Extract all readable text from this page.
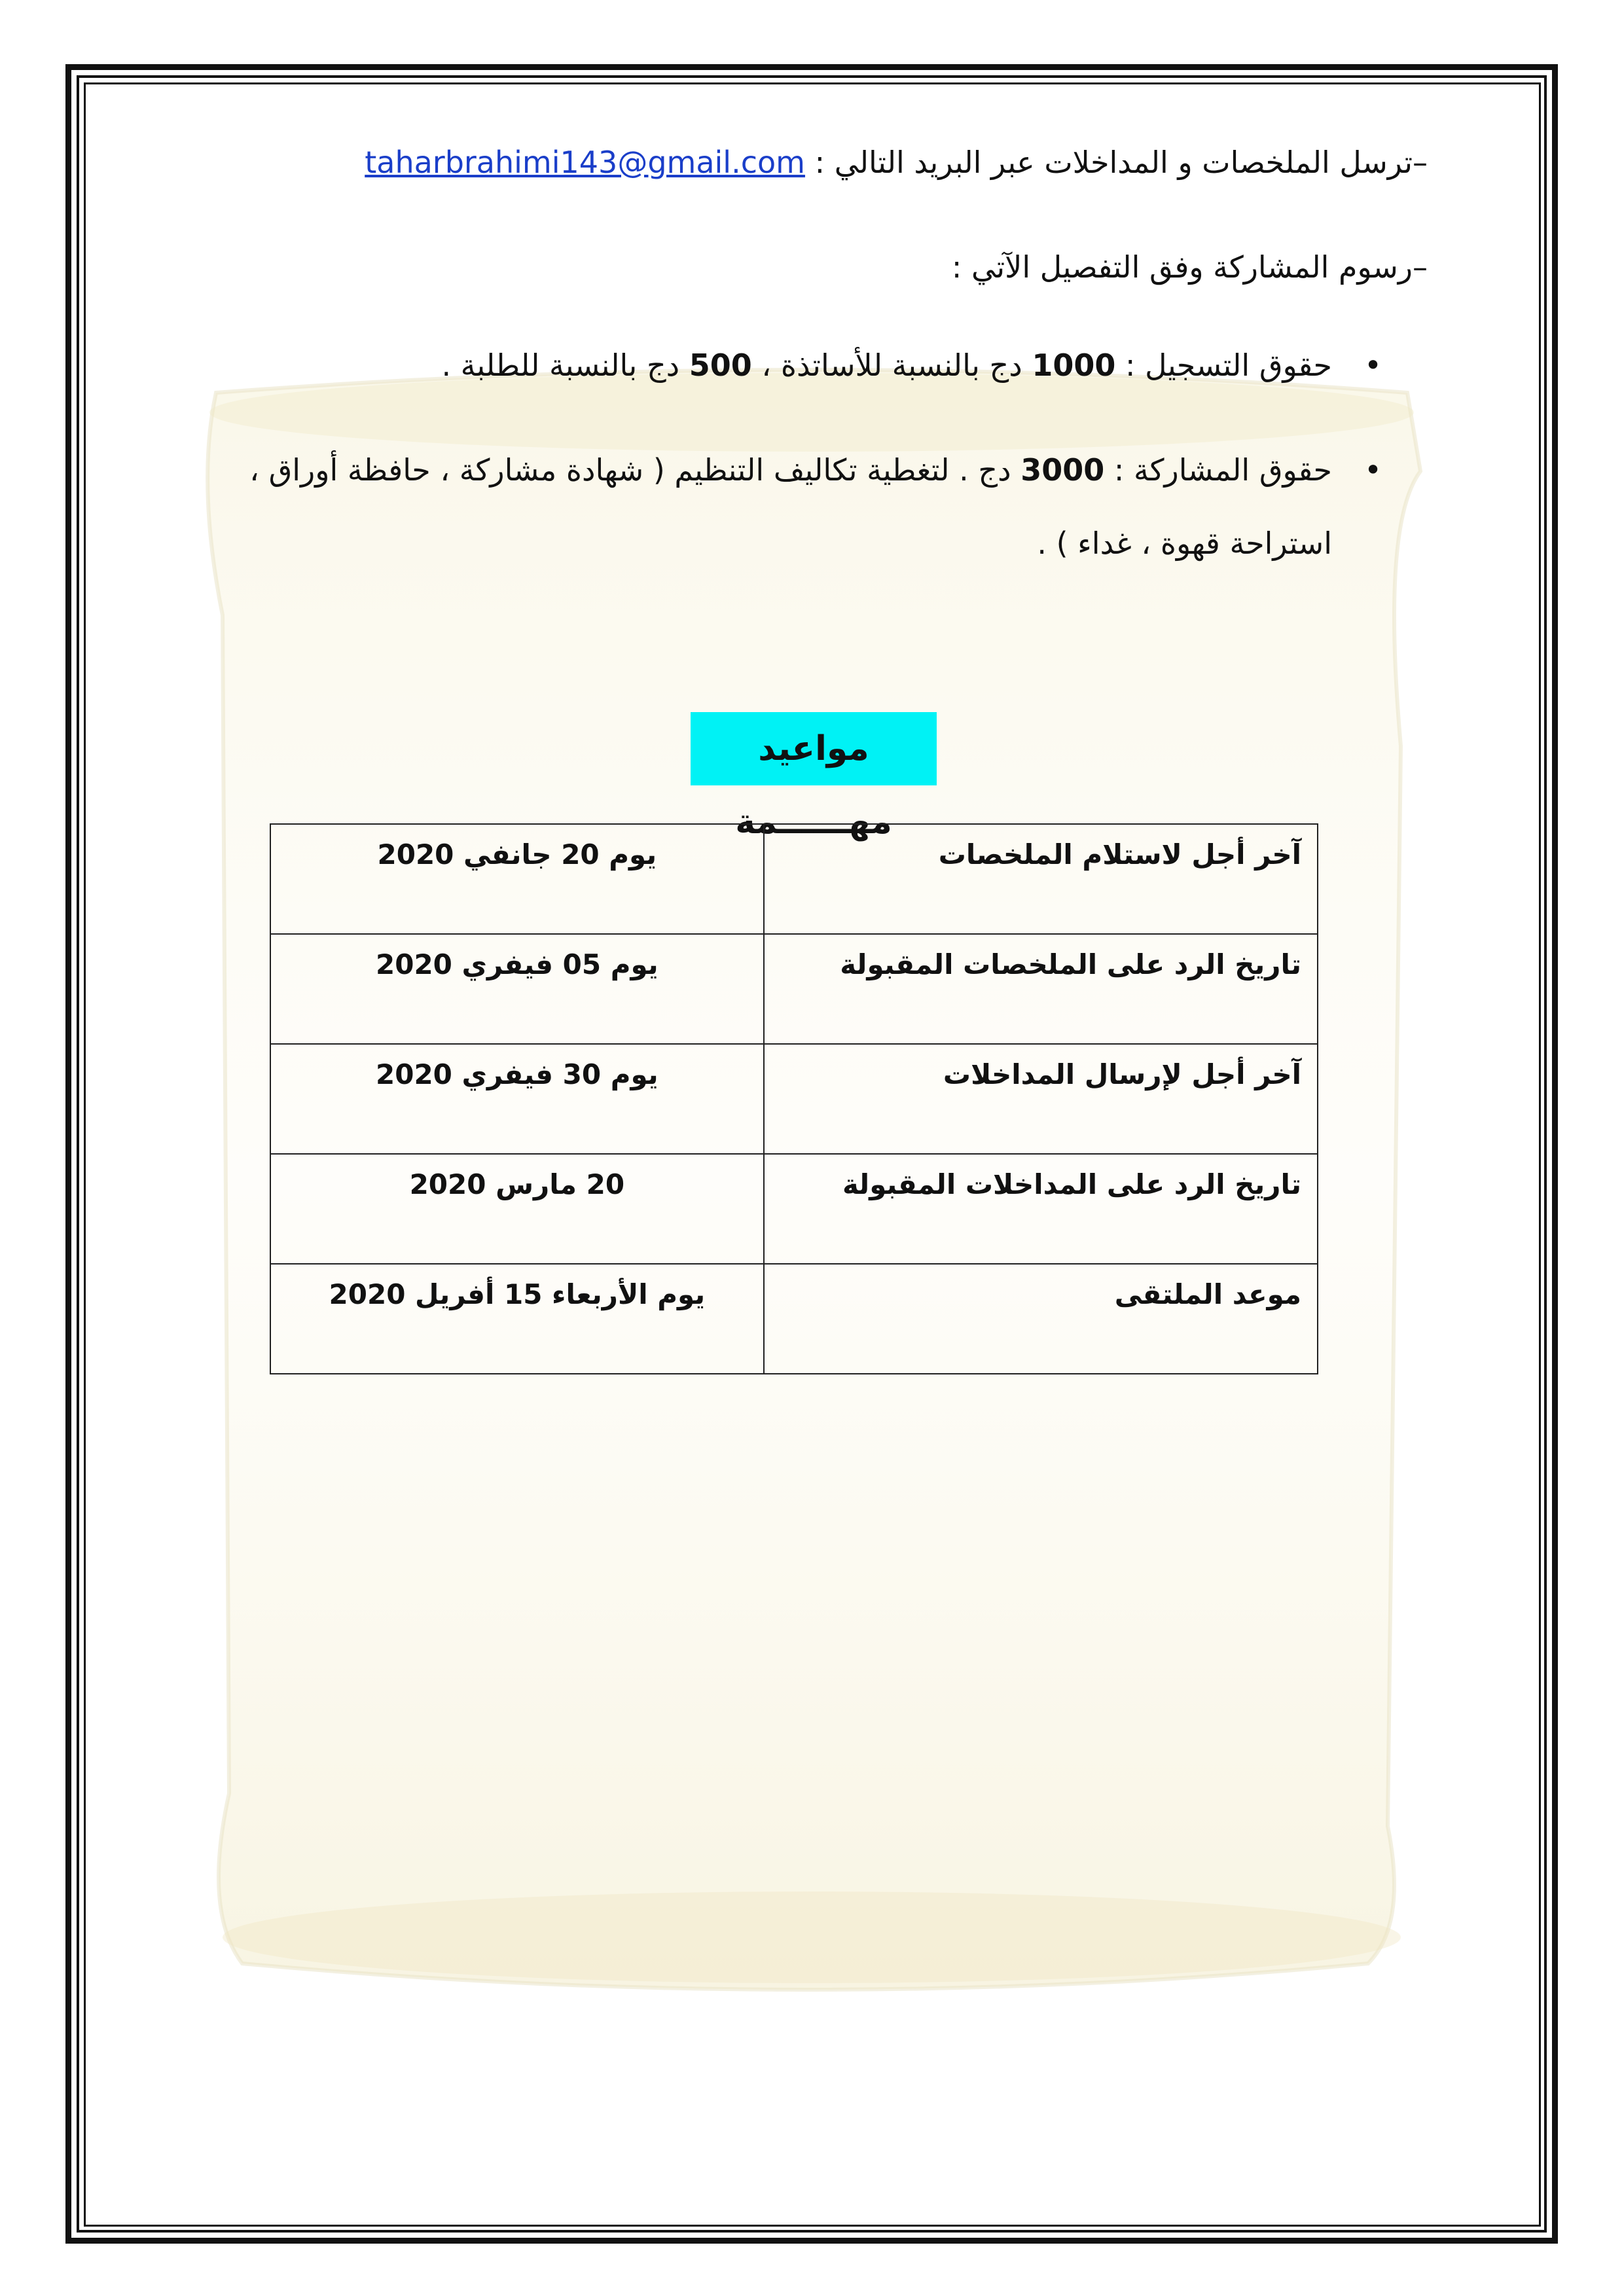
–ترسل الملخصات و المداخلات عبر البريد التالي : taharbrahimi143@gmail.com
–رسوم المشاركة وفق التفصيل الآتي :
•
حقوق التسجيل : 1000 دج بالنسبة للأساتذة ، 500 دج بالنسبة للطلبة .
•
حقوق المشاركة : 3000 دج . لتغطية تكاليف التنظيم ( شهادة مشاركة ، حافظة أوراق ،
استراحة قهوة ، غداء ) .
مواعيد مهــــــمة
آخر أجل لاستلام الملخصات	يوم 20 جانفي 2020
تاريخ الرد على الملخصات المقبولة	يوم 05 فيفري 2020
آخر أجل لإرسال المداخلات	يوم 30 فيفري 2020
تاريخ الرد على المداخلات المقبولة	20 مارس 2020
موعد الملتقى	يوم الأربعاء 15 أفريل 2020
